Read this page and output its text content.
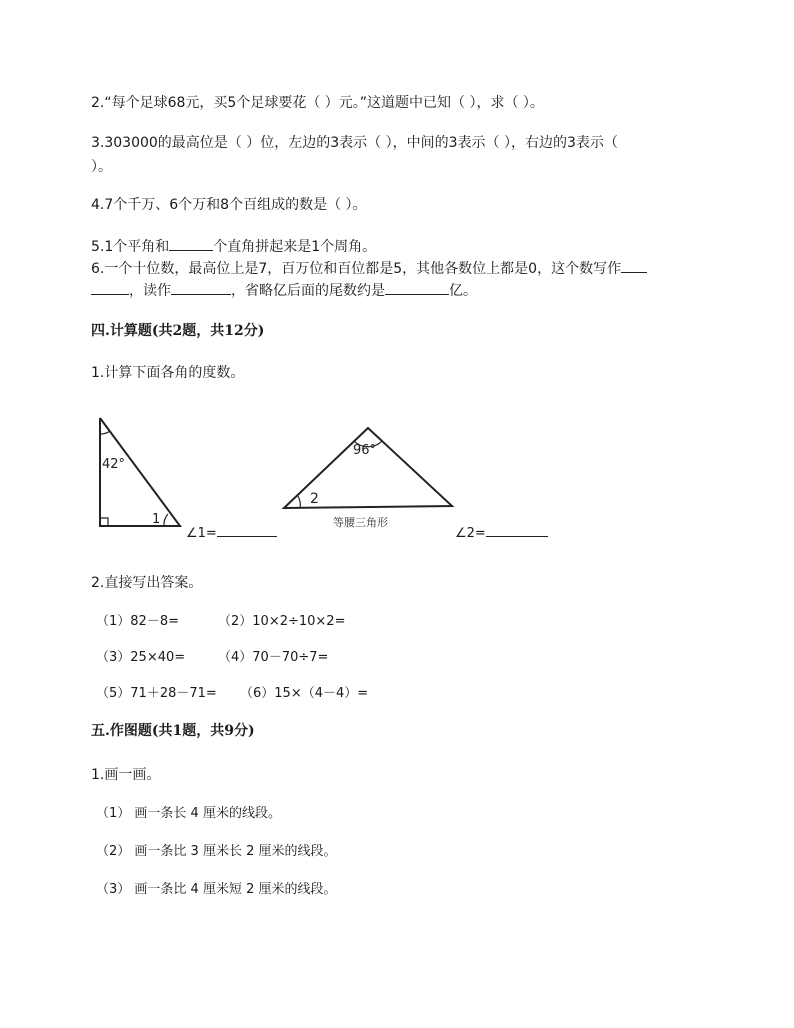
2.“每个足球68元，买5个足球要花（ ）元。”这道题中已知（ ），求（ ）。
3.303000的最高位是（ ）位，左边的3表示（ ），中间的3表示（ ），右边的3表示（
）。
4.7个千万、6个万和8个百组成的数是（ ）。
5.1个平角和	个直角拼起来是1个周角。
6.一个十位数，最高位上是7，百万位和百位都是5，其他各数位上都是0，这个数写作
，读作	，省略亿后面的尾数约是	亿。
四.计算题(共2题，共12分)
1.计算下面各角的度数。
42°
1
∠1=
96°
2
等腰三角形
∠2=
2.直接写出答案。
（1）82－8=	（2）10×2÷10×2=
（3）25×40=	（4）70－70÷7=
（5）71＋28－71= （6）15×（4－4）=
五.作图题(共1题，共9分)
1.画一画。
（1） 画一条长 4 厘米的线段。
（2） 画一条比 3 厘米长 2 厘米的线段。
（3） 画一条比 4 厘米短 2 厘米的线段。
